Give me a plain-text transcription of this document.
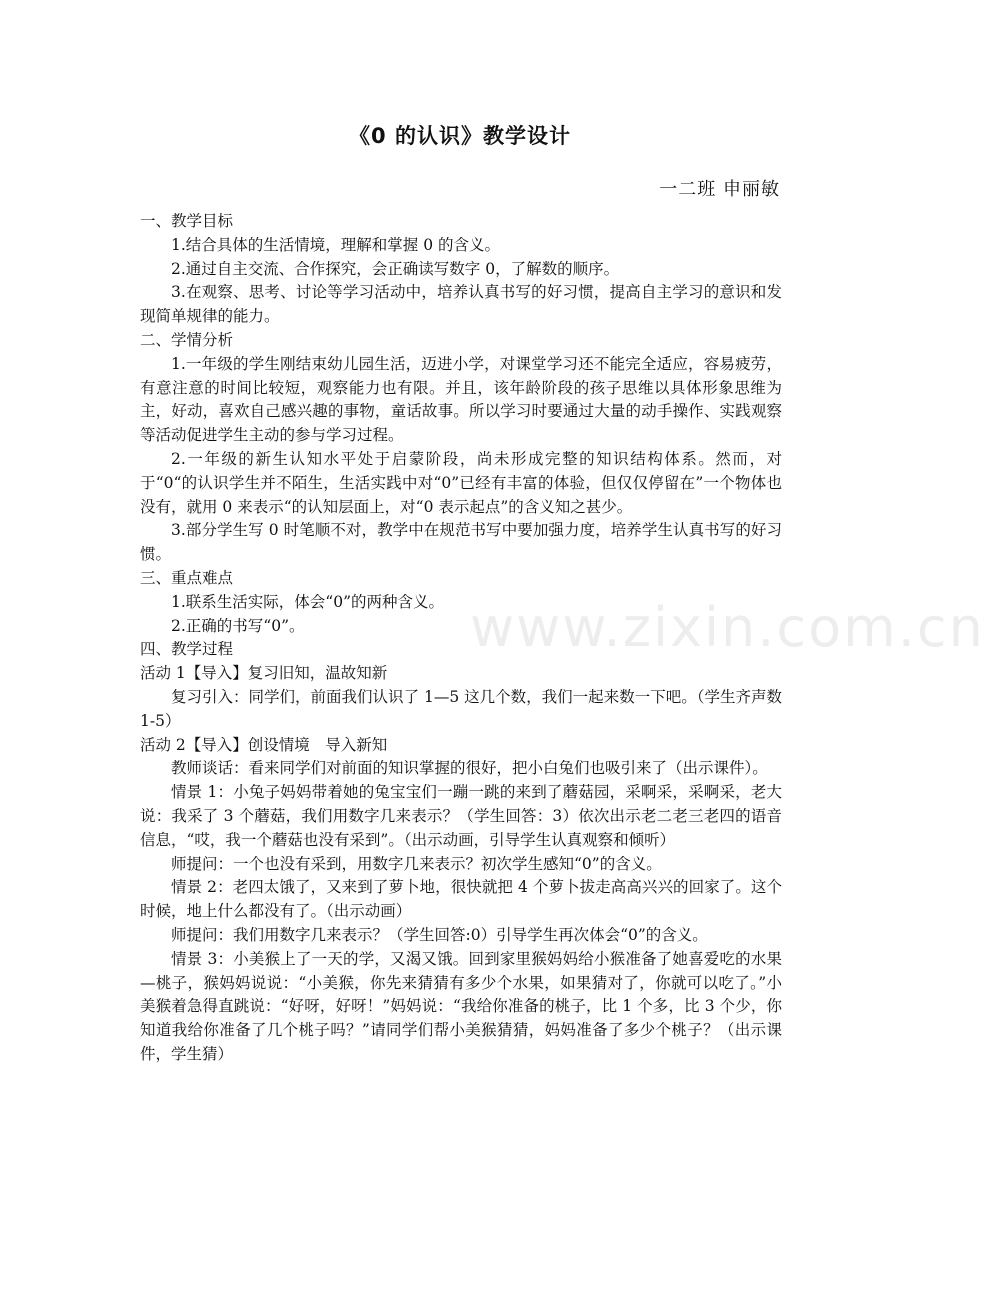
www.zixin.com.cn
《0 的认识》教学设计
一二班 申丽敏

一、教学目标

1.结合具体的生活情境，理解和掌握 0 的含义。

2.通过自主交流、合作探究，会正确读写数字 0，了解数的顺序。

3.在观察、思考、讨论等学习活动中，培养认真书写的好习惯，提高自主学习的意识和发现简单规律的能力。

二、学情分析

1.一年级的学生刚结束幼儿园生活，迈进小学，对课堂学习还不能完全适应，容易疲劳，有意注意的时间比较短，观察能力也有限。并且，该年龄阶段的孩子思维以具体形象思维为主，好动，喜欢自己感兴趣的事物，童话故事。所以学习时要通过大量的动手操作、实践观察等活动促进学生主动的参与学习过程。

2.一年级的新生认知水平处于启蒙阶段，尚未形成完整的知识结构体系。然而，对于“0“的认识学生并不陌生，生活实践中对“0”已经有丰富的体验，但仅仅停留在”一个物体也没有，就用 0 来表示“的认知层面上，对“0 表示起点”的含义知之甚少。

3.部分学生写 0 时笔顺不对，教学中在规范书写中要加强力度，培养学生认真书写的好习惯。

三、重点难点

1.联系生活实际，体会“0”的两种含义。

2.正确的书写“0”。

四、教学过程

活动 1【导入】复习旧知，温故知新

复习引入：同学们，前面我们认识了 1—5 这几个数，我们一起来数一下吧。（学生齐声数 1-5）

活动 2【导入】创设情境　导入新知

教师谈话：看来同学们对前面的知识掌握的很好，把小白兔们也吸引来了（出示课件）。

情景 1：小兔子妈妈带着她的兔宝宝们一蹦一跳的来到了蘑菇园，采啊采，采啊采，老大说：我采了 3 个蘑菇，我们用数字几来表示？（学生回答：3）依次出示老二老三老四的语音信息，“哎，我一个蘑菇也没有采到”。（出示动画，引导学生认真观察和倾听）

师提问：一个也没有采到，用数字几来表示？初次学生感知“0”的含义。

情景 2：老四太饿了，又来到了萝卜地，很快就把 4 个萝卜拔走高高兴兴的回家了。这个时候，地上什么都没有了。（出示动画）

师提问：我们用数字几来表示？（学生回答:0）引导学生再次体会“0”的含义。

情景 3：小美猴上了一天的学，又渴又饿。回到家里猴妈妈给小猴准备了她喜爱吃的水果—桃子，猴妈妈说说：“小美猴，你先来猜猜有多少个水果，如果猜对了，你就可以吃了。”小美猴着急得直跳说：“好呀，好呀！”妈妈说：“我给你准备的桃子，比 1 个多，比 3 个少，你知道我给你准备了几个桃子吗？”请同学们帮小美猴猜猜，妈妈准备了多少个桃子？（出示课件，学生猜）
